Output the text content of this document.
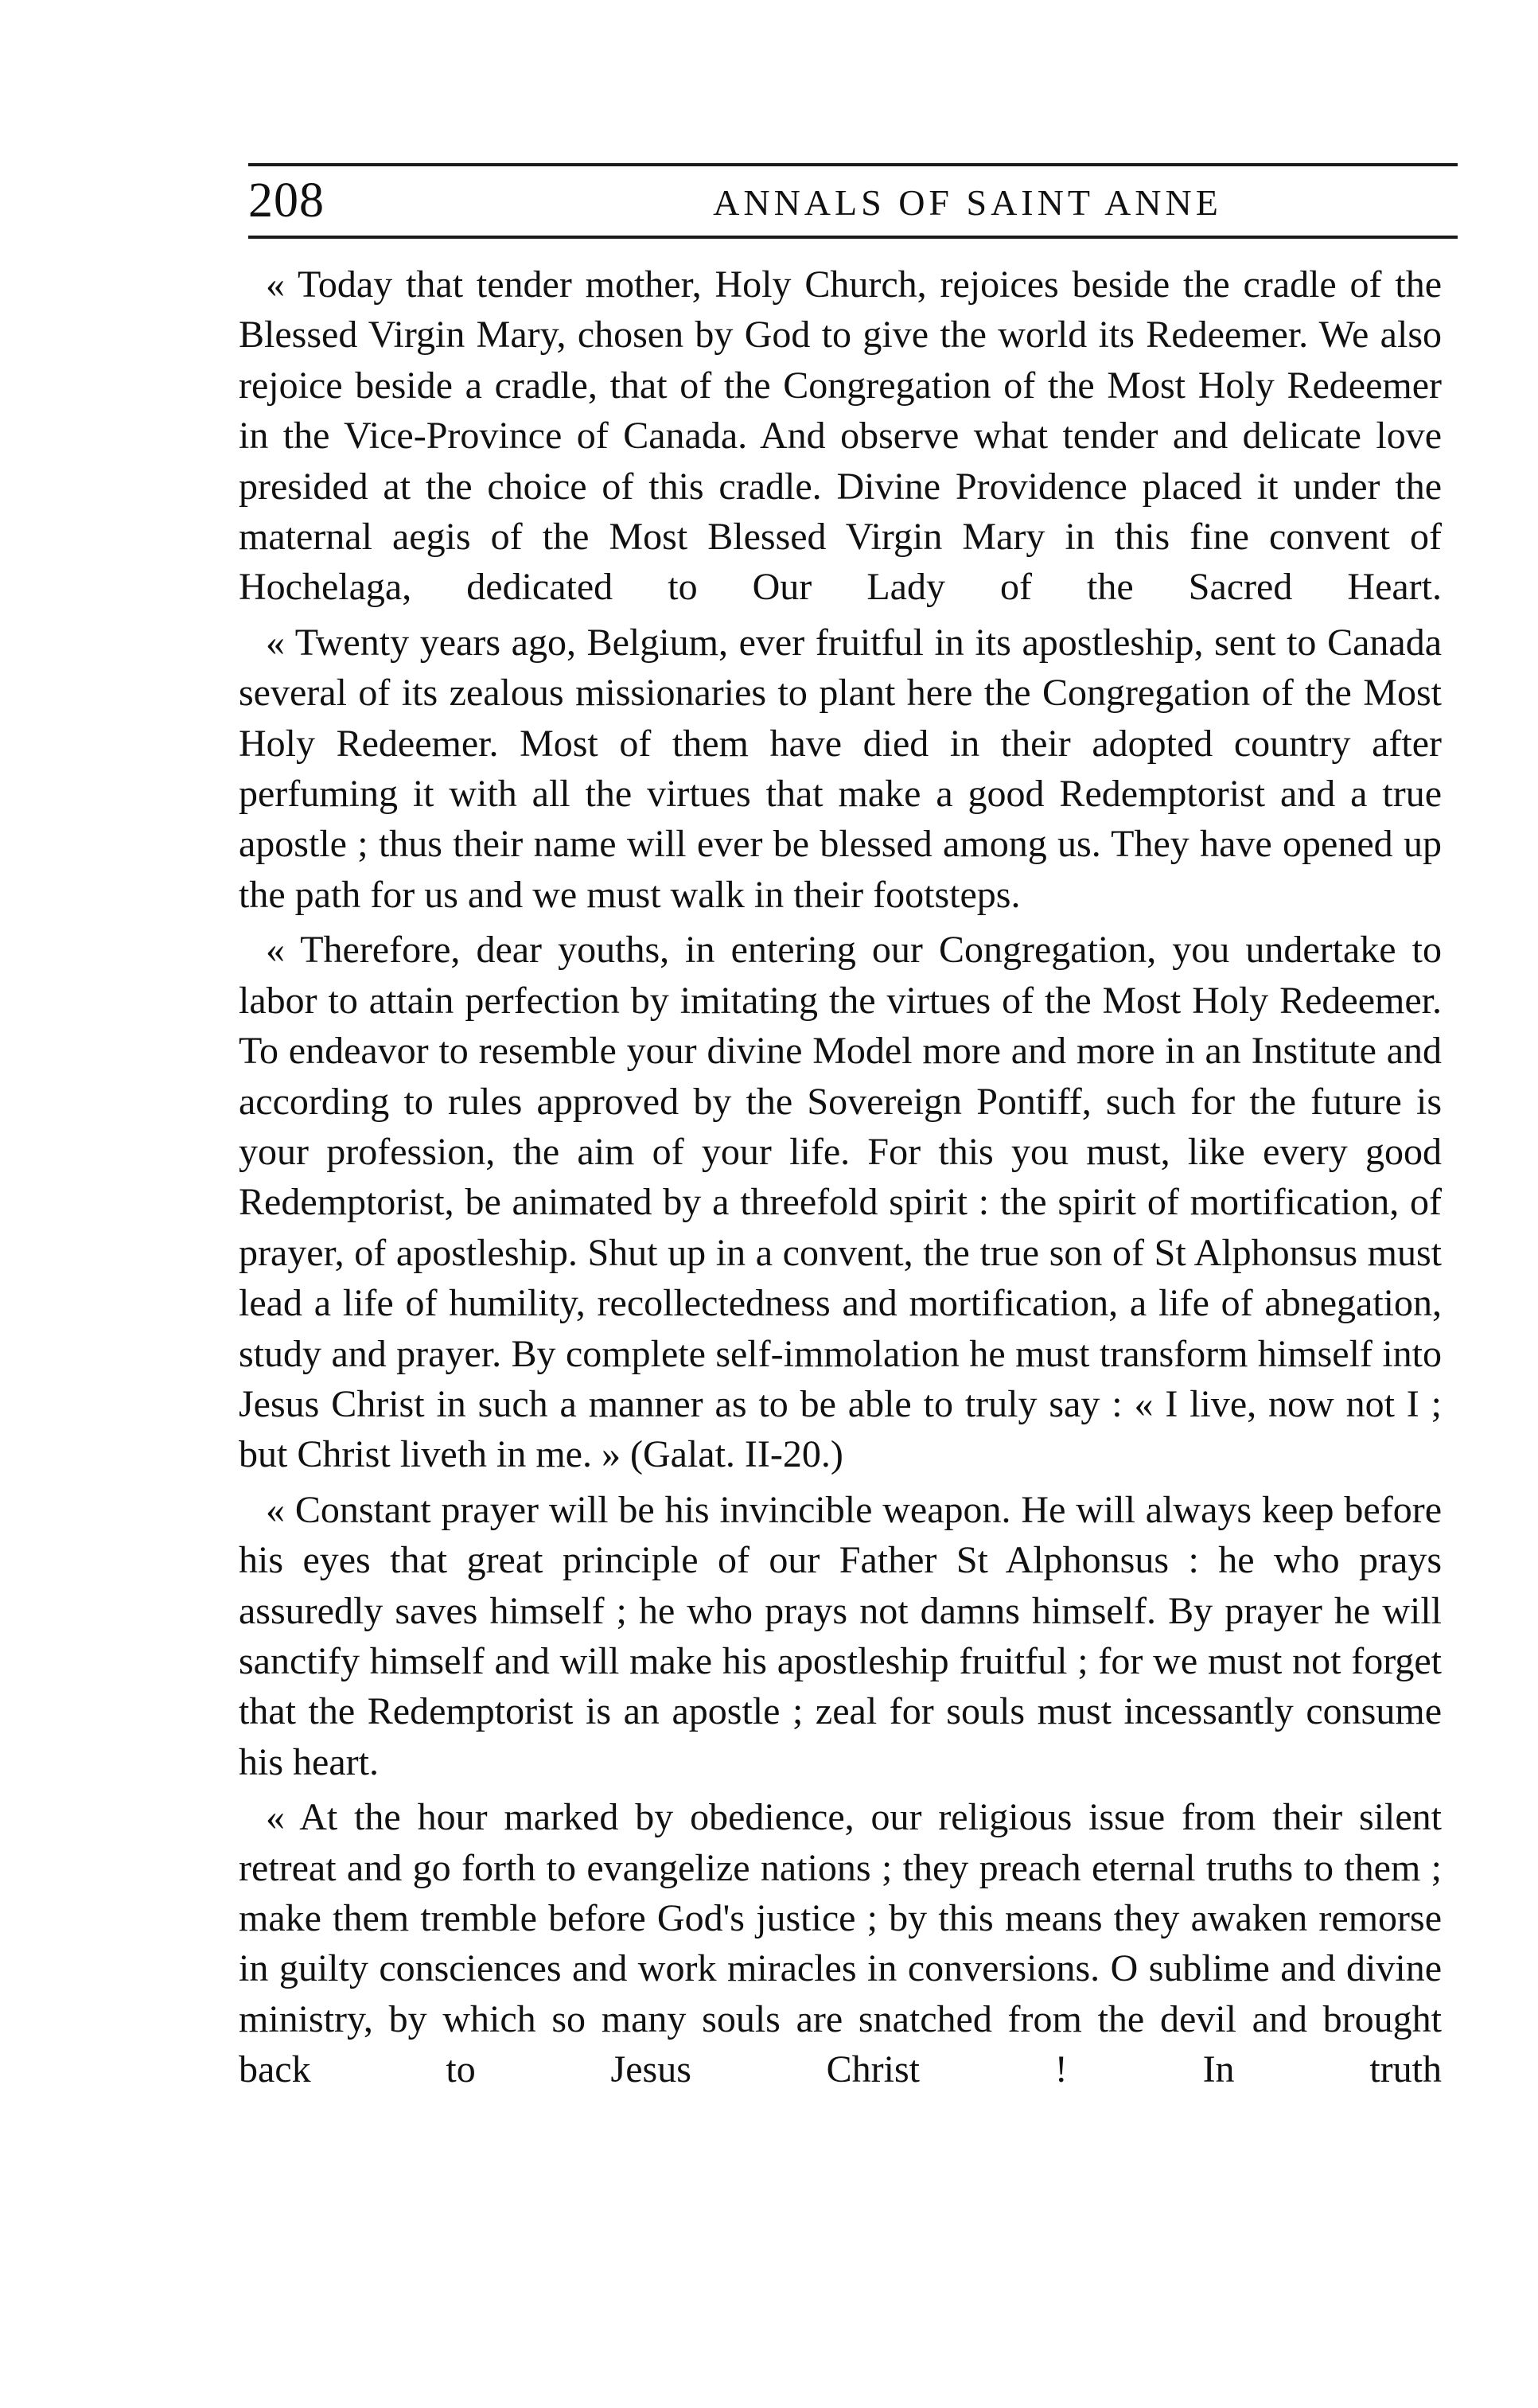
208	ANNALS OF SAINT ANNE

« Today that tender mother, Holy Church, rejoices beside the cradle of the Blessed Virgin Mary, chosen by God to give the world its Redeemer. We also rejoice beside a cradle, that of the Congregation of the Most Holy Redeemer in the Vice-Province of Canada. And observe what tender and delicate love presided at the choice of this cradle. Divine Providence placed it under the maternal aegis of the Most Blessed Virgin Mary in this fine convent of Hochelaga, dedicated to Our Lady of the Sacred Heart.

« Twenty years ago, Belgium, ever fruitful in its apostleship, sent to Canada several of its zealous missionaries to plant here the Congregation of the Most Holy Redeemer. Most of them have died in their adopted country after perfuming it with all the virtues that make a good Redemptorist and a true apostle ; thus their name will ever be blessed among us. They have opened up the path for us and we must walk in their footsteps.

« Therefore, dear youths, in entering our Congregation, you undertake to labor to attain perfection by imitating the virtues of the Most Holy Redeemer. To endeavor to resemble your divine Model more and more in an Institute and according to rules approved by the Sovereign Pontiff, such for the future is your profession, the aim of your life. For this you must, like every good Redemptorist, be animated by a threefold spirit : the spirit of mortification, of prayer, of apostleship. Shut up in a convent, the true son of St Alphonsus must lead a life of humility, recollectedness and mortification, a life of abnegation, study and prayer. By complete self-immolation he must transform himself into Jesus Christ in such a manner as to be able to truly say : « I live, now not I ; but Christ liveth in me. » (Galat. II-20.)

« Constant prayer will be his invincible weapon. He will always keep before his eyes that great principle of our Father St Alphonsus : he who prays assuredly saves himself ; he who prays not damns himself. By prayer he will sanctify himself and will make his apostleship fruitful ; for we must not forget that the Redemptorist is an apostle ; zeal for souls must incessantly consume his heart.

« At the hour marked by obedience, our religious issue from their silent retreat and go forth to evangelize nations ; they preach eternal truths to them ; make them tremble before God's justice ; by this means they awaken remorse in guilty consciences and work miracles in conversions. O sublime and divine ministry, by which so many souls are snatched from the devil and brought back to Jesus Christ ! In truth
